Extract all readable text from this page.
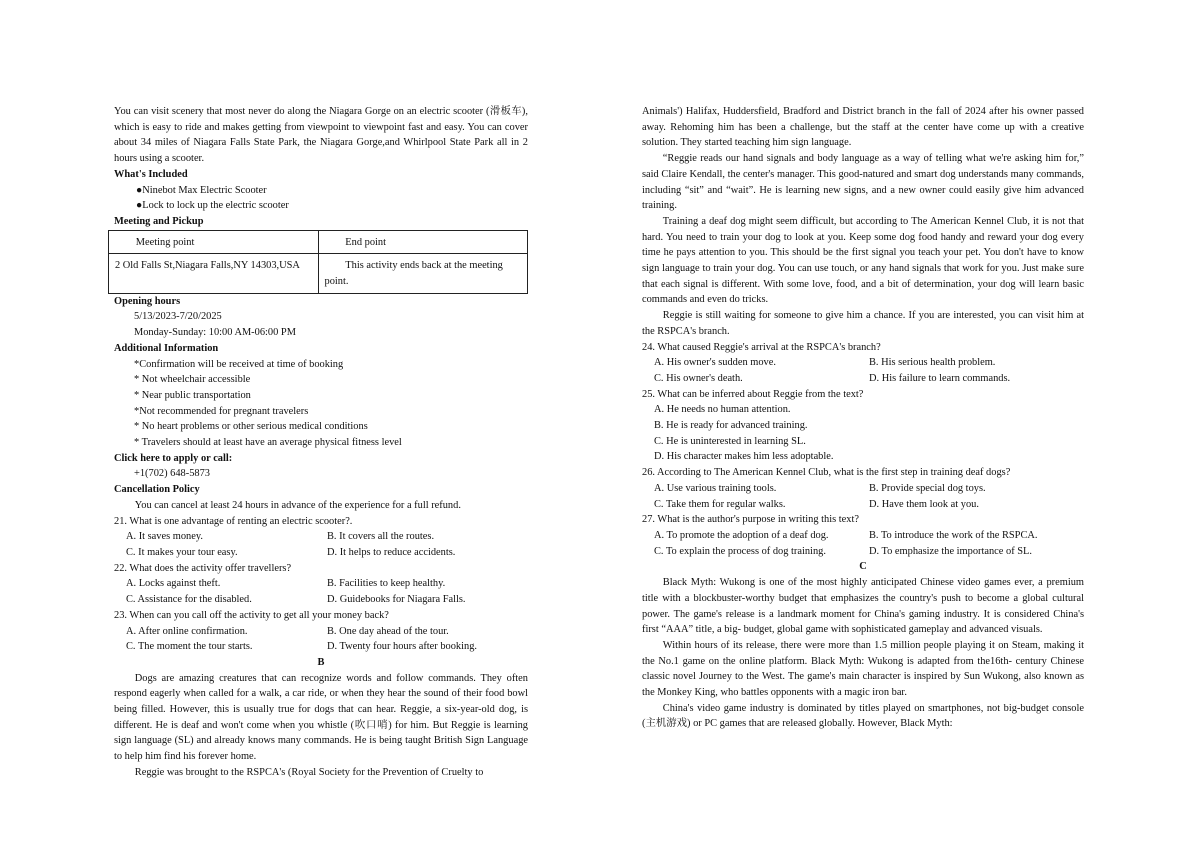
You can visit scenery that most never do along the Niagara Gorge on an electric scooter (滑板车), which is easy to ride and makes getting from viewpoint to viewpoint fast and easy. You can cover about 34 miles of Niagara Falls State Park, the Niagara Gorge,and Whirlpool State Park all in 2 hours using a scooter.

What's Included

●Ninebot Max Electric Scooter

●Lock to lock up the electric scooter

Meeting and Pickup

Meeting point	End point
2 Old Falls St,Niagara Falls,NY 14303,USA	This activity ends back at the meeting point.

Opening hours

5/13/2023-7/20/2025

Monday-Sunday: 10:00 AM-06:00 PM

Additional Information

*Confirmation will be received at time of booking

* Not wheelchair accessible

* Near public transportation

*Not recommended for pregnant travelers

* No heart problems or other serious medical conditions

* Travelers should at least have an average physical fitness level

Click here to apply or call:

+1(702) 648-5873

Cancellation Policy

You can cancel at least 24 hours in advance of the experience for a full refund.

21. What is one advantage of renting an electric scooter?.

A. It saves money.	B. It covers all the routes.
C. It makes your tour easy.	D. It helps to reduce accidents.

22. What does the activity offer travellers?

A. Locks against theft.	B. Facilities to keep healthy.
C. Assistance for the disabled.	D. Guidebooks for Niagara Falls.

23. When can you call off the activity to get all your money back?

A. After online confirmation.	B. One day ahead of the tour.
C. The moment the tour starts.	D. Twenty four hours after booking.

B

Dogs are amazing creatures that can recognize words and follow commands. They often respond eagerly when called for a walk, a car ride, or when they hear the sound of their food bowl being filled. However, this is usually true for dogs that can hear. Reggie, a six-year-old dog, is different. He is deaf and won't come when you whistle (吹口哨) for him. But Reggie is learning sign language (SL) and already knows many commands. He is being taught British Sign Language to help him find his forever home.

Reggie was brought to the RSPCA's (Royal Society for the Prevention of Cruelty to

Animals') Halifax, Huddersfield, Bradford and District branch in the fall of 2024 after his owner passed away. Rehoming him has been a challenge, but the staff at the center have come up with a creative solution. They started teaching him sign language.

“Reggie reads our hand signals and body language as a way of telling what we're asking him for,” said Claire Kendall, the center's manager. This good-natured and smart dog understands many commands, including “sit” and “wait”. He is learning new signs, and a new owner could easily give him advanced training.

Training a deaf dog might seem difficult, but according to The American Kennel Club, it is not that hard. You need to train your dog to look at you. Keep some dog food handy and reward your dog every time he pays attention to you. This should be the first signal you teach your pet. You don't have to know sign language to train your dog. You can use touch, or any hand signals that work for you. Just make sure that each signal is different. With some love, food, and a bit of determination, your dog will learn basic commands and even do tricks.

Reggie is still waiting for someone to give him a chance. If you are interested, you can visit him at the RSPCA's branch.

24. What caused Reggie's arrival at the RSPCA's branch?

A. His owner's sudden move.	B. His serious health problem.
C. His owner's death.	D. His failure to learn commands.

25. What can be inferred about Reggie from the text?

A. He needs no human attention.
B. He is ready for advanced training.
C. He is uninterested in learning SL.
D. His character makes him less adoptable.

26. According to The American Kennel Club, what is the first step in training deaf dogs?

A. Use various training tools.	B. Provide special dog toys.
C. Take them for regular walks.	D. Have them look at you.

27. What is the author's purpose in writing this text?

A. To promote the adoption of a deaf dog.	B. To introduce the work of the RSPCA.
C. To explain the process of dog training.	D. To emphasize the importance of SL.

C

Black Myth: Wukong is one of the most highly anticipated Chinese video games ever, a premium title with a blockbuster-worthy budget that emphasizes the country's push to become a global cultural power. The game's release is a landmark moment for China's gaming industry. It is considered China's first “AAA” title, a big- budget, global game with sophisticated gameplay and advanced visuals.

Within hours of its release, there were more than 1.5 million people playing it on Steam, making it the No.1 game on the online platform. Black Myth: Wukong is adapted from the16th- century Chinese classic novel Journey to the West. The game's main character is inspired by Sun Wukong, also known as the Monkey King, who battles opponents with a magic iron bar.

China's video game industry is dominated by titles played on smartphones, not big-budget console (主机游戏) or PC games that are released globally. However, Black Myth:
